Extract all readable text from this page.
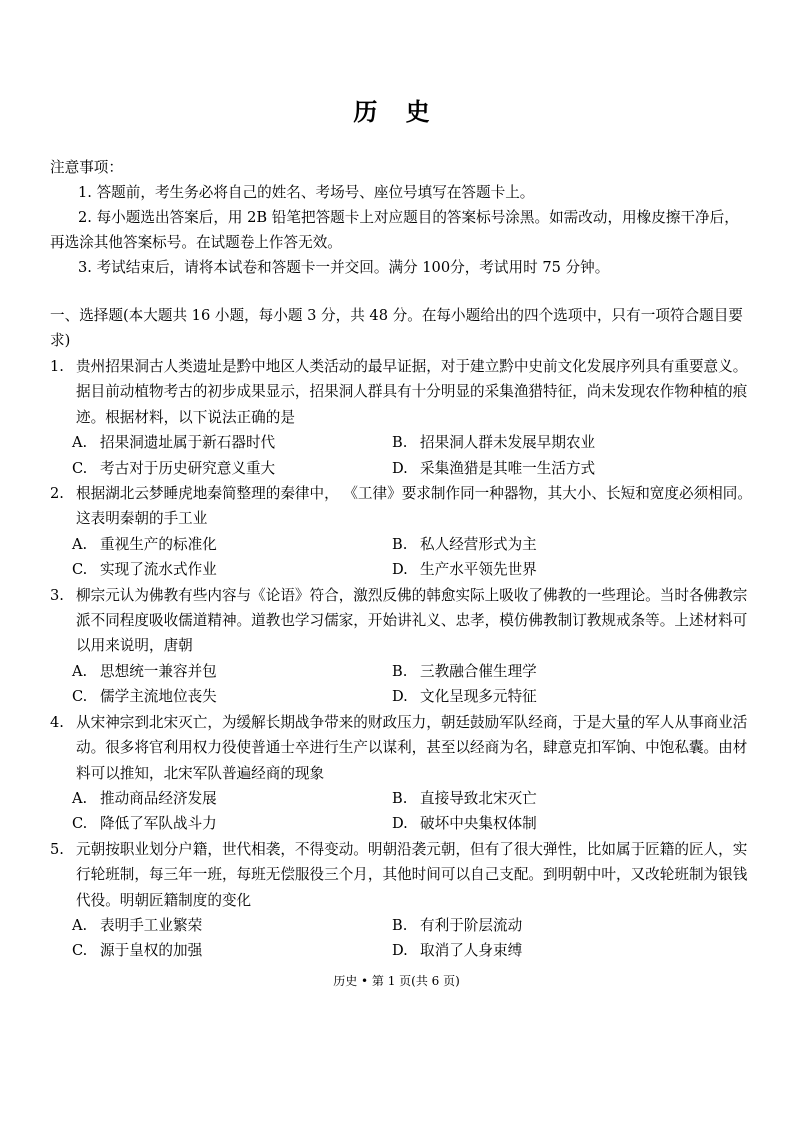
历 史
注意事项：
1. 答题前，考生务必将自己的姓名、考场号、座位号填写在答题卡上。
2. 每小题选出答案后，用 2B 铅笔把答题卡上对应题目的答案标号涂黑。如需改动，用橡皮擦干净后，再选涂其他答案标号。在试题卷上作答无效。
3. 考试结束后，请将本试卷和答题卡一并交回。满分 100分，考试用时 75 分钟。
一、选择题(本大题共 16 小题，每小题 3 分，共 48 分。在每小题给出的四个选项中，只有一项符合题目要求)
1. 贵州招果洞古人类遗址是黔中地区人类活动的最早证据，对于建立黔中史前文化发展序列具有重要意义。据目前动植物考古的初步成果显示，招果洞人群具有十分明显的采集渔猎特征，尚未发现农作物种植的痕迹。根据材料，以下说法正确的是
A. 招果洞遗址属于新石器时代	B. 招果洞人群未发展早期农业
C. 考古对于历史研究意义重大	D. 采集渔猎是其唯一生活方式
2. 根据湖北云梦睡虎地秦简整理的秦律中， 《工律》要求制作同一种器物，其大小、长短和宽度必须相同。这表明秦朝的手工业
A. 重视生产的标准化	B. 私人经营形式为主
C. 实现了流水式作业	D. 生产水平领先世界
3. 柳宗元认为佛教有些内容与《论语》符合，激烈反佛的韩愈实际上吸收了佛教的一些理论。当时各佛教宗派不同程度吸收儒道精神。道教也学习儒家，开始讲礼义、忠孝，模仿佛教制订教规戒条等。上述材料可以用来说明，唐朝
A. 思想统一兼容并包	B. 三教融合催生理学
C. 儒学主流地位丧失	D. 文化呈现多元特征
4. 从宋神宗到北宋灭亡，为缓解长期战争带来的财政压力，朝廷鼓励军队经商，于是大量的军人从事商业活动。很多将官利用权力役使普通士卒进行生产以谋利，甚至以经商为名，肆意克扣军饷、中饱私囊。由材料可以推知，北宋军队普遍经商的现象
A. 推动商品经济发展	B. 直接导致北宋灭亡
C. 降低了军队战斗力	D. 破坏中央集权体制
5. 元朝按职业划分户籍，世代相袭，不得变动。明朝沿袭元朝，但有了很大弹性，比如属于匠籍的匠人，实行轮班制，每三年一班，每班无偿服役三个月，其他时间可以自己支配。到明朝中叶，又改轮班制为银钱代役。明朝匠籍制度的变化
A. 表明手工业繁荣	B. 有利于阶层流动
C. 源于皇权的加强	D. 取消了人身束缚
历史 • 第 1 页(共 6 页)
